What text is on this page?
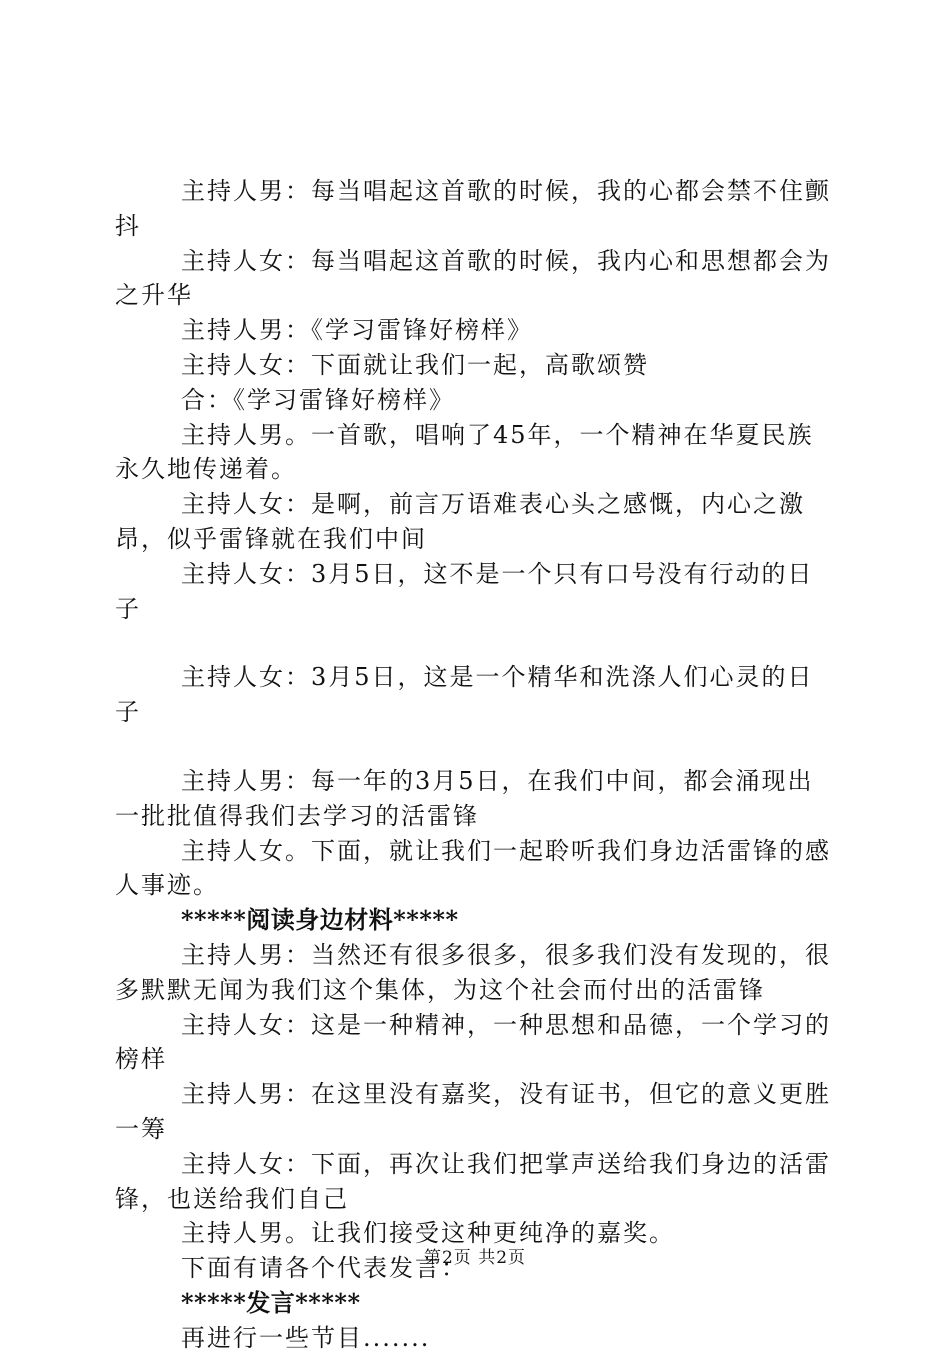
主持人男：每当唱起这首歌的时候，我的心都会禁不住颤抖

主持人女：每当唱起这首歌的时候，我内心和思想都会为之升华

主持人男：《学习雷锋好榜样》

主持人女：下面就让我们一起，高歌颂赞

合：《学习雷锋好榜样》

主持人男。一首歌，唱响了45年，一个精神在华夏民族永久地传递着。

主持人女：是啊，前言万语难表心头之感慨，内心之激昂，似乎雷锋就在我们中间

主持人女：3月5日，这不是一个只有口号没有行动的日子

主持人女：3月5日，这是一个精华和洗涤人们心灵的日子

主持人男：每一年的3月5日，在我们中间，都会涌现出一批批值得我们去学习的活雷锋

主持人女。下面，就让我们一起聆听我们身边活雷锋的感人事迹。

*****阅读身边材料*****

主持人男：当然还有很多很多，很多我们没有发现的，很多默默无闻为我们这个集体，为这个社会而付出的活雷锋

主持人女：这是一种精神，一种思想和品德，一个学习的榜样

主持人男：在这里没有嘉奖，没有证书，但它的意义更胜一筹

主持人女：下面，再次让我们把掌声送给我们身边的活雷锋，也送给我们自己

主持人男。让我们接受这种更纯净的嘉奖。

下面有请各个代表发言：

*****发言*****

再进行一些节目.......

第2页 共2页
